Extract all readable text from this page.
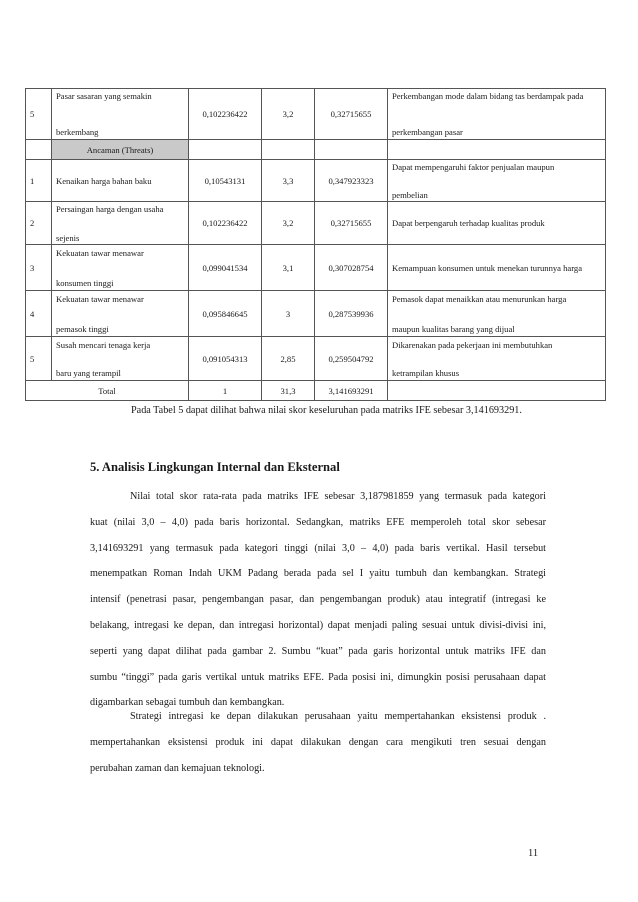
5	Pasar sasaran yang semakin
berkembang	0,102236422	3,2	0,32715655	Perkembangan mode dalam bidang tas berdampak pada
perkembangan pasar

	Ancaman (Threats)				
1	Kenaikan harga bahan baku	0,10543131	3,3	0,347923323	Dapat mempengaruhi faktor penjualan maupun
pembelian

2	Persaingan harga dengan usaha
sejenis	0,102236422	3,2	0,32715655	Dapat berpengaruh terhadap kualitas produk
3	Kekuatan tawar menawar
konsumen tinggi	0,099041534	3,1	0,307028754	Kemampuan konsumen untuk menekan turunnya harga
4	Kekuatan tawar menawar
pemasok tinggi	0,095846645	3	0,287539936	Pemasok dapat menaikkan atau menurunkan harga
maupun kualitas barang yang dijual

5	Susah mencari tenaga kerja
baru yang terampil	0,091054313	2,85	0,259504792	Dikarenakan pada pekerjaan ini membutuhkan
ketrampilan khusus

Total		1	31,3	3,141693291	
Pada Tabel 5 dapat dilihat bahwa nilai skor keseluruhan pada matriks IFE sebesar 3,141693291.
5. Analisis Lingkungan Internal dan Eksternal
Nilai total skor rata-rata pada matriks IFE sebesar 3,187981859 yang termasuk pada kategori
kuat (nilai 3,0 – 4,0) pada baris horizontal. Sedangkan, matriks EFE memperoleh total skor sebesar
3,141693291 yang termasuk pada kategori tinggi (nilai 3,0 – 4,0) pada baris vertikal. Hasil tersebut
menempatkan Roman Indah UKM Padang berada pada sel I yaitu tumbuh dan kembangkan. Strategi
intensif (penetrasi pasar, pengembangan pasar, dan pengembangan produk) atau integratif (intregasi ke
belakang, intregasi ke depan, dan intregasi horizontal) dapat menjadi paling sesuai untuk divisi-divisi ini,
seperti yang dapat dilihat pada gambar 2. Sumbu “kuat” pada garis horizontal untuk matriks IFE dan
sumbu “tinggi” pada garis vertikal untuk matriks EFE. Pada posisi ini, dimungkin posisi perusahaan dapat
digambarkan sebagai tumbuh dan kembangkan.
Strategi intregasi ke depan dilakukan perusahaan yaitu mempertahankan eksistensi produk .
mempertahankan eksistensi produk ini dapat dilakukan dengan cara mengikuti tren sesuai dengan
perubahan zaman dan kemajuan teknologi.
11
